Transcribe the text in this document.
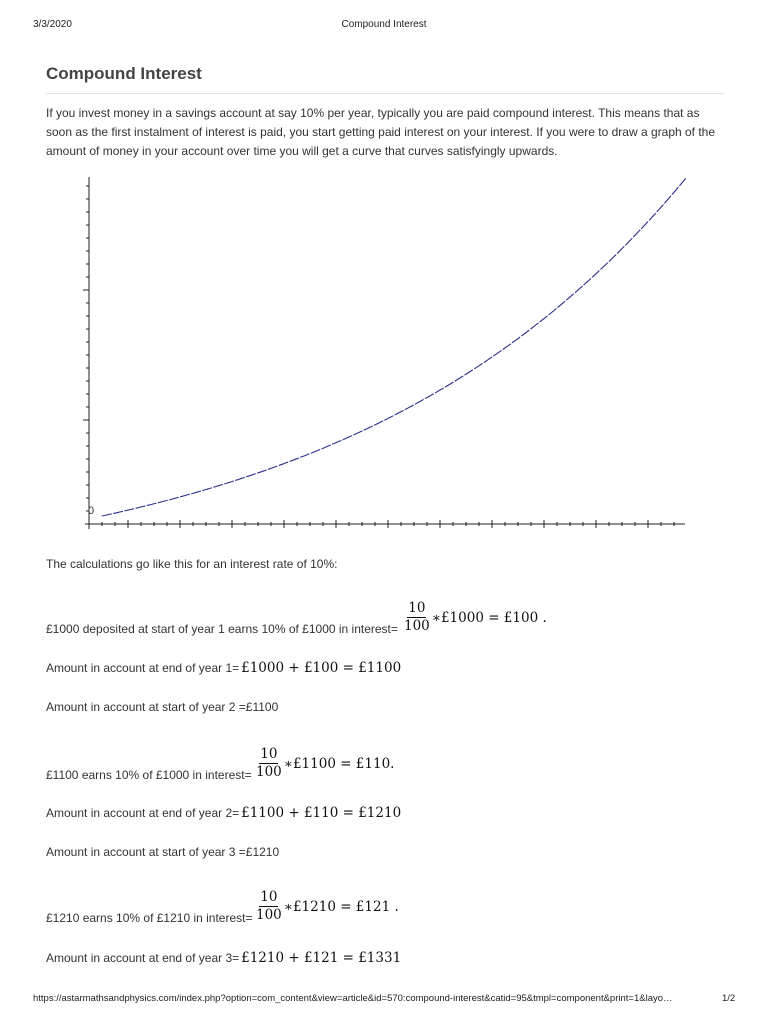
3/3/2020	Compound Interest
Compound Interest

If you invest money in a savings account at say 10% per year, typically you are paid compound interest. This means that as soon as the first instalment of interest is paid, you start getting paid interest on your interest. If you were to draw a graph of the amount of money in your account over time you will get a curve that curves satisfyingly upwards.

0
The calculations go like this for an interest rate of 10%:
£1000 deposited at start of year 1 earns 10% of £1000 in interest= $\frac{10}{100}$ ∗£1000 = £100 .
Amount in account at end of year 1= £1000 + £100 = £1100
Amount in account at start of year 2 =£1100
£1100 earns 10% of £1000 in interest= $\frac{10}{100}$ ∗£1100 = £110.
Amount in account at end of year 2= £1100 + £110 = £1210
Amount in account at start of year 3 =£1210
£1210 earns 10% of £1210 in interest= $\frac{10}{100}$ ∗£1210 = £121 .
Amount in account at end of year 3= £1210 + £121 = £1331
https://astarmathsandphysics.com/index.php?option=com_content&view=article&id=570:compound-interest&catid=95&tmpl=component&print=1&layo…	1/2
